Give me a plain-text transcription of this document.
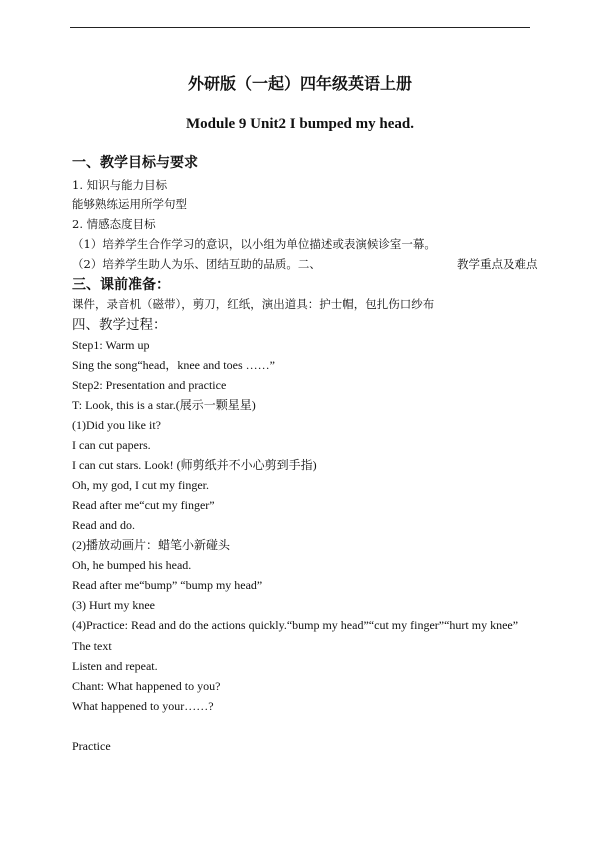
外研版（一起）四年级英语上册
Module 9 Unit2 I bumped my head.
一、教学目标与要求
1. 知识与能力目标
能够熟练运用所学句型
2. 情感态度目标
（1）培养学生合作学习的意识，以小组为单位描述或表演候诊室一幕。
（2）培养学生助人为乐、团结互助的品质。二、	教学重点及难点
三、课前准备：
课件，录音机（磁带），剪刀，红纸，演出道具：护士帽，包扎伤口纱布
四、教学过程：
Step1: Warm up
Sing the song“head，knee and toes ……”
Step2: Presentation and practice
T: Look, this is a star.(展示一颗星星)
(1)Did you like it?
I can cut papers.
I can cut stars. Look! (师剪纸并不小心剪到手指)
Oh, my god, I cut my finger.
Read after me“cut my finger”
Read and do.
(2)播放动画片：蜡笔小新碰头
Oh, he bumped his head.
Read after me“bump” “bump my head”
(3) Hurt my knee
(4)Practice: Read and do the actions quickly.“bump my head”“cut my finger”“hurt my knee”
The text
Listen and repeat.
Chant: What happened to you?
What happened to your……?
Practice
